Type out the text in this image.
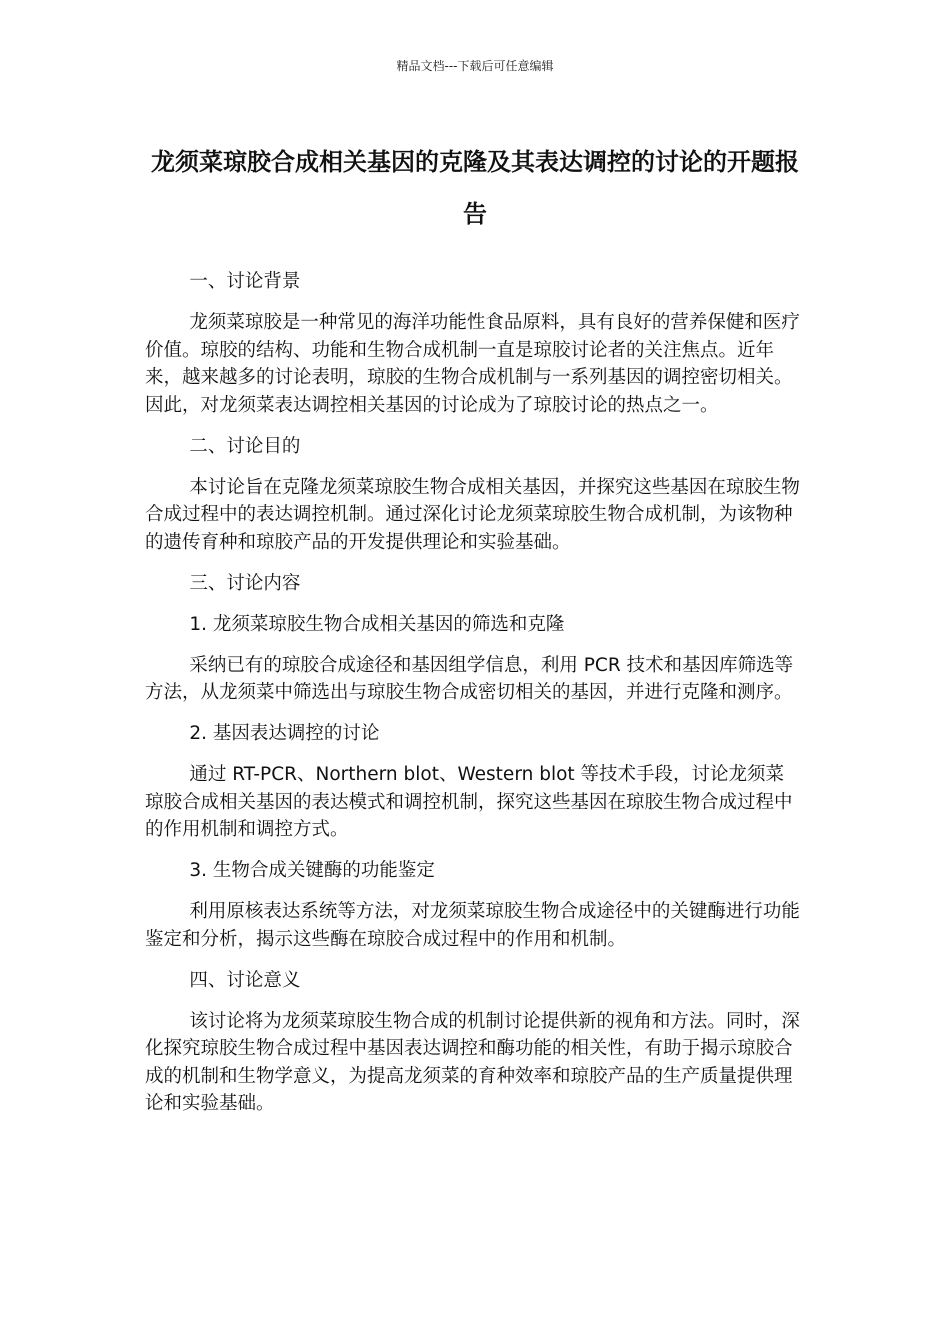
精品文档---下载后可任意编辑
龙须菜琼胶合成相关基因的克隆及其表达调控的讨论的开题报告

一、讨论背景

龙须菜琼胶是一种常见的海洋功能性食品原料，具有良好的营养保健和医疗价值。琼胶的结构、功能和生物合成机制一直是琼胶讨论者的关注焦点。近年来，越来越多的讨论表明，琼胶的生物合成机制与一系列基因的调控密切相关。因此，对龙须菜表达调控相关基因的讨论成为了琼胶讨论的热点之一。

二、讨论目的

本讨论旨在克隆龙须菜琼胶生物合成相关基因，并探究这些基因在琼胶生物合成过程中的表达调控机制。通过深化讨论龙须菜琼胶生物合成机制，为该物种的遗传育种和琼胶产品的开发提供理论和实验基础。

三、讨论内容

1. 龙须菜琼胶生物合成相关基因的筛选和克隆

采纳已有的琼胶合成途径和基因组学信息，利用 PCR 技术和基因库筛选等方法，从龙须菜中筛选出与琼胶生物合成密切相关的基因，并进行克隆和测序。

2. 基因表达调控的讨论

通过 RT-PCR、Northern blot、Western blot 等技术手段，讨论龙须菜琼胶合成相关基因的表达模式和调控机制，探究这些基因在琼胶生物合成过程中的作用机制和调控方式。

3. 生物合成关键酶的功能鉴定

利用原核表达系统等方法，对龙须菜琼胶生物合成途径中的关键酶进行功能鉴定和分析，揭示这些酶在琼胶合成过程中的作用和机制。

四、讨论意义

该讨论将为龙须菜琼胶生物合成的机制讨论提供新的视角和方法。同时，深化探究琼胶生物合成过程中基因表达调控和酶功能的相关性，有助于揭示琼胶合成的机制和生物学意义，为提高龙须菜的育种效率和琼胶产品的生产质量提供理论和实验基础。
